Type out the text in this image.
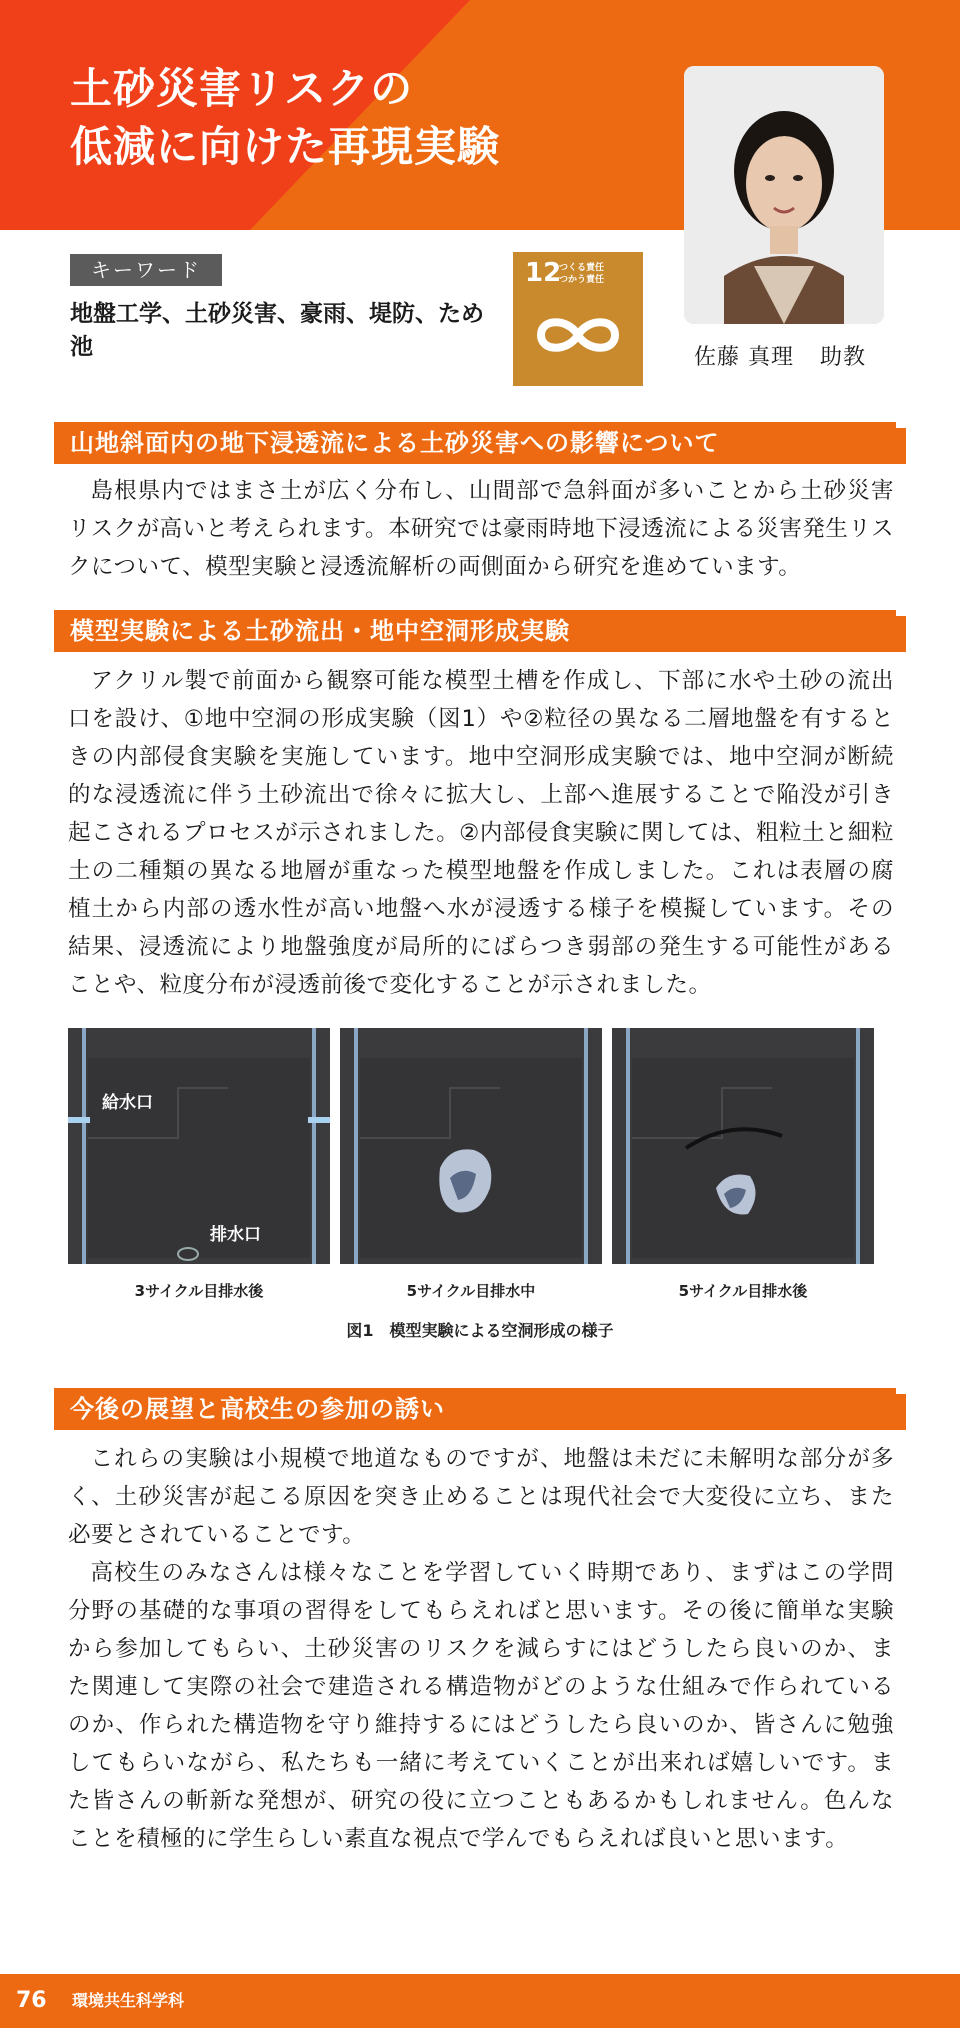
土砂災害リスクの
低減に向けた再現実験
佐藤 真理 助教
キーワード
地盤工学、土砂災害、豪雨、堤防、ため池
12
つくる責任
つかう責任
山地斜面内の地下浸透流による土砂災害への影響について

島根県内ではまさ土が広く分布し、山間部で急斜面が多いことから土砂災害リスクが高いと考えられます。本研究では豪雨時地下浸透流による災害発生リスクについて、模型実験と浸透流解析の両側面から研究を進めています。

模型実験による土砂流出・地中空洞形成実験

アクリル製で前面から観察可能な模型土槽を作成し、下部に水や土砂の流出口を設け、①地中空洞の形成実験（図1）や②粒径の異なる二層地盤を有するときの内部侵食実験を実施しています。地中空洞形成実験では、地中空洞が断続的な浸透流に伴う土砂流出で徐々に拡大し、上部へ進展することで陥没が引き起こされるプロセスが示されました。②内部侵食実験に関しては、粗粒土と細粒土の二種類の異なる地層が重なった模型地盤を作成しました。これは表層の腐植土から内部の透水性が高い地盤へ水が浸透する様子を模擬しています。その結果、浸透流により地盤強度が局所的にばらつき弱部の発生する可能性があることや、粒度分布が浸透前後で変化することが示されました。

給水口
排水口
3サイクル目排水後	5サイクル目排水中	5サイクル目排水後
図1　模型実験による空洞形成の様子
今後の展望と高校生の参加の誘い

これらの実験は小規模で地道なものですが、地盤は未だに未解明な部分が多く、土砂災害が起こる原因を突き止めることは現代社会で大変役に立ち、また必要とされていることです。

高校生のみなさんは様々なことを学習していく時期であり、まずはこの学問分野の基礎的な事項の習得をしてもらえればと思います。その後に簡単な実験から参加してもらい、土砂災害のリスクを減らすにはどうしたら良いのか、また関連して実際の社会で建造される構造物がどのような仕組みで作られているのか、作られた構造物を守り維持するにはどうしたら良いのか、皆さんに勉強してもらいながら、私たちも一緒に考えていくことが出来れば嬉しいです。また皆さんの斬新な発想が、研究の役に立つこともあるかもしれません。色んなことを積極的に学生らしい素直な視点で学んでもらえれば良いと思います。

76 環境共生科学科
